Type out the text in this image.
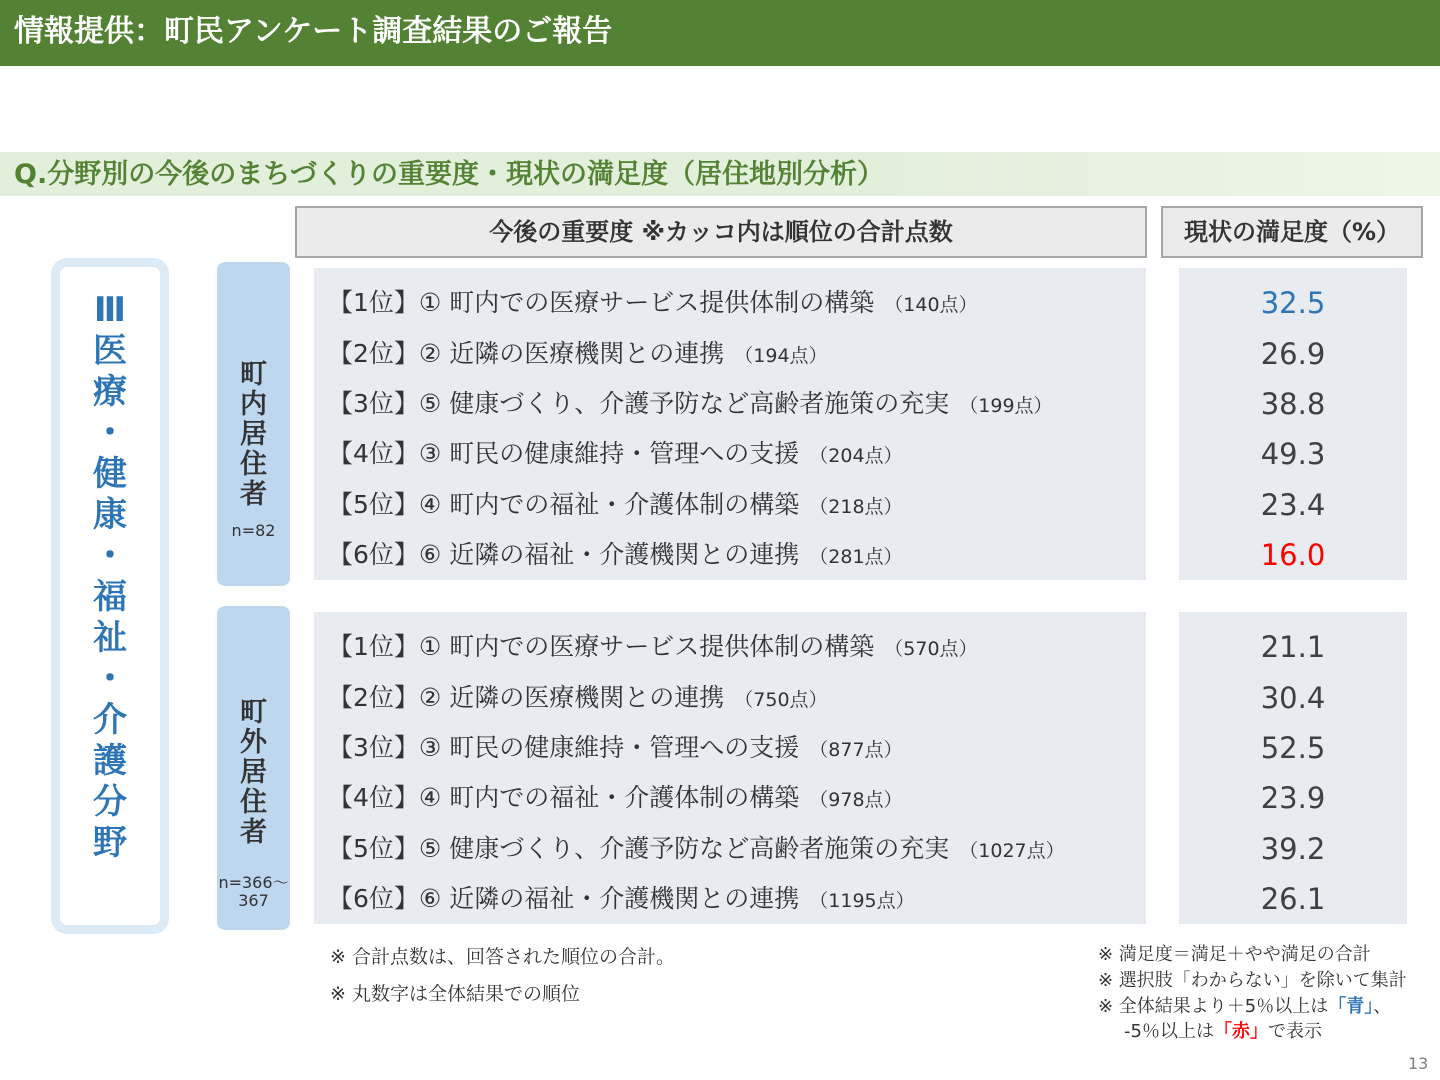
情報提供：町民アンケート調査結果のご報告
Q.分野別の今後のまちづくりの重要度・現状の満足度（居住地別分析）
今後の重要度 ※カッコ内は順位の合計点数	現状の満足度（%）
Ⅲ
医
療
・
健
康
・
福
祉
・
介
護
分
野
町
内
居
住
者
n=82
【1位】① 町内での医療サービス提供体制の構築 （140点）
【2位】② 近隣の医療機関との連携 （194点）
【3位】⑤ 健康づくり、介護予防など高齢者施策の充実 （199点）
【4位】③ 町民の健康維持・管理への支援 （204点）
【5位】④ 町内での福祉・介護体制の構築 （218点）
【6位】⑥ 近隣の福祉・介護機関との連携 （281点）
32.5
26.9
38.8
49.3
23.4
16.0
町
外
居
住
者
n=366～ 367
【1位】① 町内での医療サービス提供体制の構築 （570点）
【2位】② 近隣の医療機関との連携 （750点）
【3位】③ 町民の健康維持・管理への支援 （877点）
【4位】④ 町内での福祉・介護体制の構築 （978点）
【5位】⑤ 健康づくり、介護予防など高齢者施策の充実 （1027点）
【6位】⑥ 近隣の福祉・介護機関との連携 （1195点）
21.1
30.4
52.5
23.9
39.2
26.1
※ 合計点数は、回答された順位の合計。
※ 丸数字は全体結果での順位
※ 満足度＝満足＋やや満足の合計
※ 選択肢「わからない」を除いて集計
※ 全体結果より＋5％以上は「青」、
-5％以上は「赤」で表示
13
